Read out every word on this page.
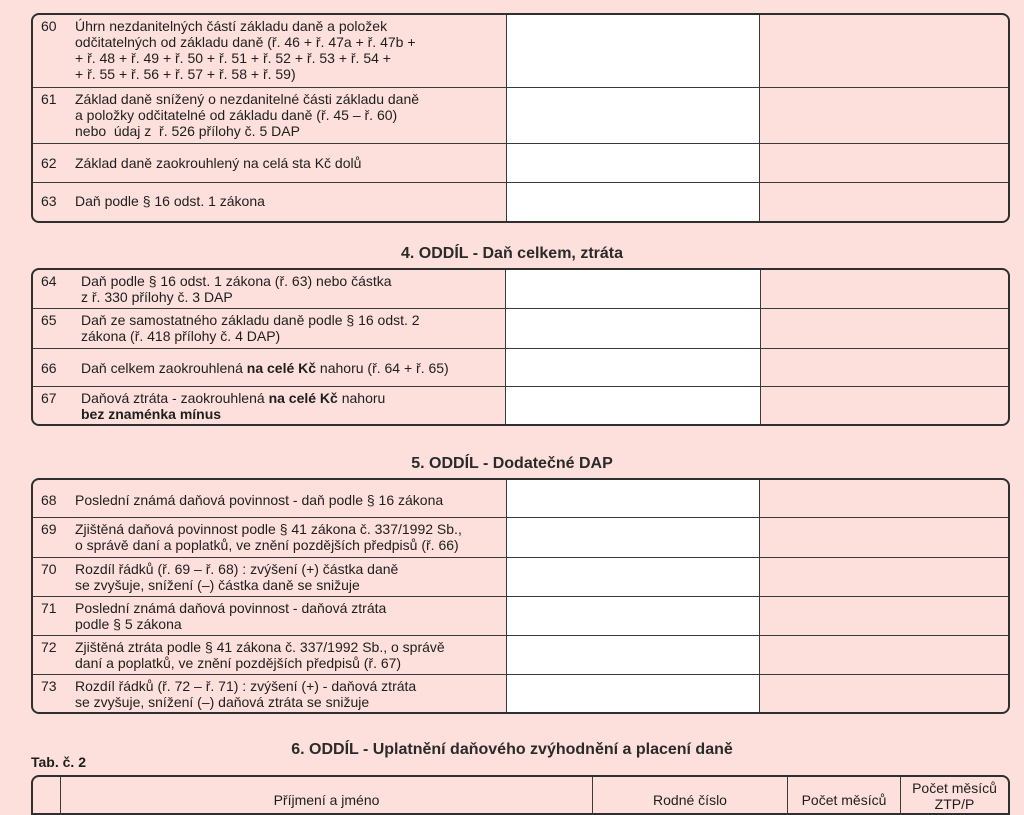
60 Úhrn nezdanitelných částí základu daně a položek
odčitatelných od základu daně (ř. 46 + ř. 47a + ř. 47b +
+ ř. 48 + ř. 49 + ř. 50 + ř. 51 + ř. 52 + ř. 53 + ř. 54 +
+ ř. 55 + ř. 56 + ř. 57 + ř. 58 + ř. 59)
61 Základ daně snížený o nezdanitelné části základu daně
a položky odčitatelné od základu daně (ř. 45 – ř. 60)
nebo  údaj z  ř. 526 přílohy č. 5 DAP
62 Základ daně zaokrouhlený na celá sta Kč dolů
63 Daň podle § 16 odst. 1 zákona
4. ODDÍL - Daň celkem, ztráta
64 Daň podle § 16 odst. 1 zákona (ř. 63) nebo částka
z ř. 330 přílohy č. 3 DAP
65 Daň ze samostatného základu daně podle § 16 odst. 2
zákona (ř. 418 přílohy č. 4 DAP)
66 Daň celkem zaokrouhlená na celé Kč nahoru (ř. 64 + ř. 65)
67 Daňová ztráta - zaokrouhlená na celé Kč nahoru
bez znaménka mínus
5. ODDÍL - Dodatečné DAP
68 Poslední známá daňová povinnost - daň podle § 16 zákona
69 Zjištěná daňová povinnost podle § 41 zákona č. 337/1992 Sb.,
o správě daní a poplatků, ve znění pozdějších předpisů (ř. 66)
70 Rozdíl řádků (ř. 69 – ř. 68) : zvýšení (+) částka daně
se zvyšuje, snížení (–) částka daně se snižuje
71 Poslední známá daňová povinnost - daňová ztráta
podle § 5 zákona
72 Zjištěná ztráta podle § 41 zákona č. 337/1992 Sb., o správě
daní a poplatků, ve znění pozdějších předpisů (ř. 67)
73 Rozdíl řádků (ř. 72 – ř. 71) : zvýšení (+) - daňová ztráta
se zvyšuje, snížení (–) daňová ztráta se snižuje
Tab. č. 2
6. ODDÍL - Uplatnění daňového zvýhodnění a placení daně
Příjmení a jméno	Rodné číslo	Počet měsíců
Počet měsíců
ZTP/P
